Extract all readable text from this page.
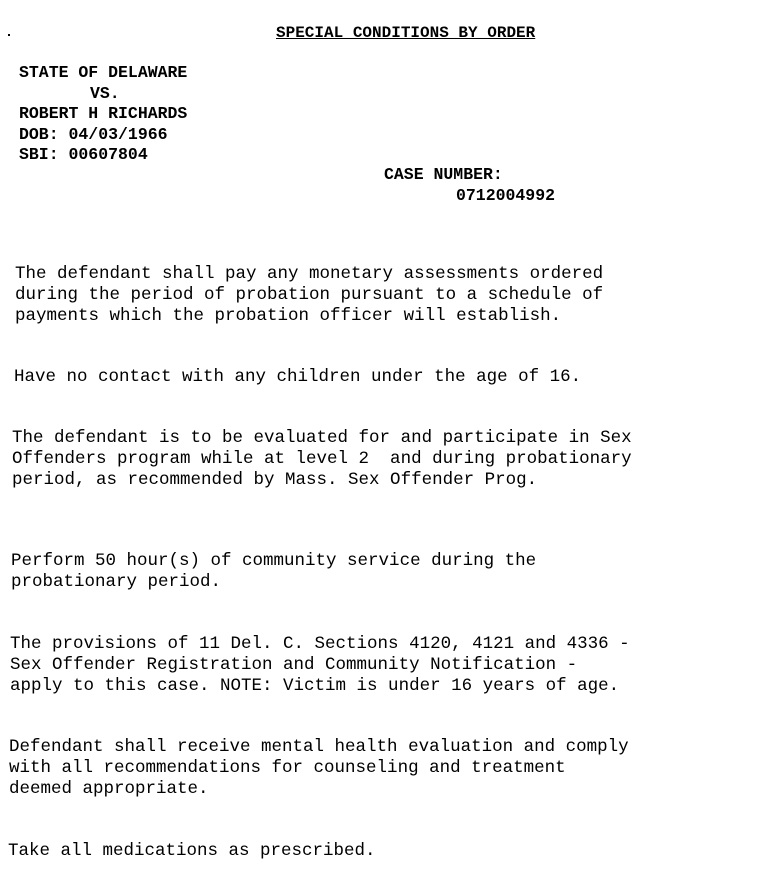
SPECIAL CONDITIONS BY ORDER
STATE OF DELAWARE
VS.
ROBERT H RICHARDS
DOB: 04/03/1966
SBI: 00607804
CASE NUMBER:
0712004992
The defendant shall pay any monetary assessments ordered
during the period of probation pursuant to a schedule of
payments which the probation officer will establish.
Have no contact with any children under the age of 16.
The defendant is to be evaluated for and participate in Sex
Offenders program while at level 2  and during probationary
period, as recommended by Mass. Sex Offender Prog.
Perform 50 hour(s) of community service during the
probationary period.
The provisions of 11 Del. C. Sections 4120, 4121 and 4336 -
Sex Offender Registration and Community Notification -
apply to this case. NOTE: Victim is under 16 years of age.
Defendant shall receive mental health evaluation and comply
with all recommendations for counseling and treatment
deemed appropriate.
Take all medications as prescribed.
